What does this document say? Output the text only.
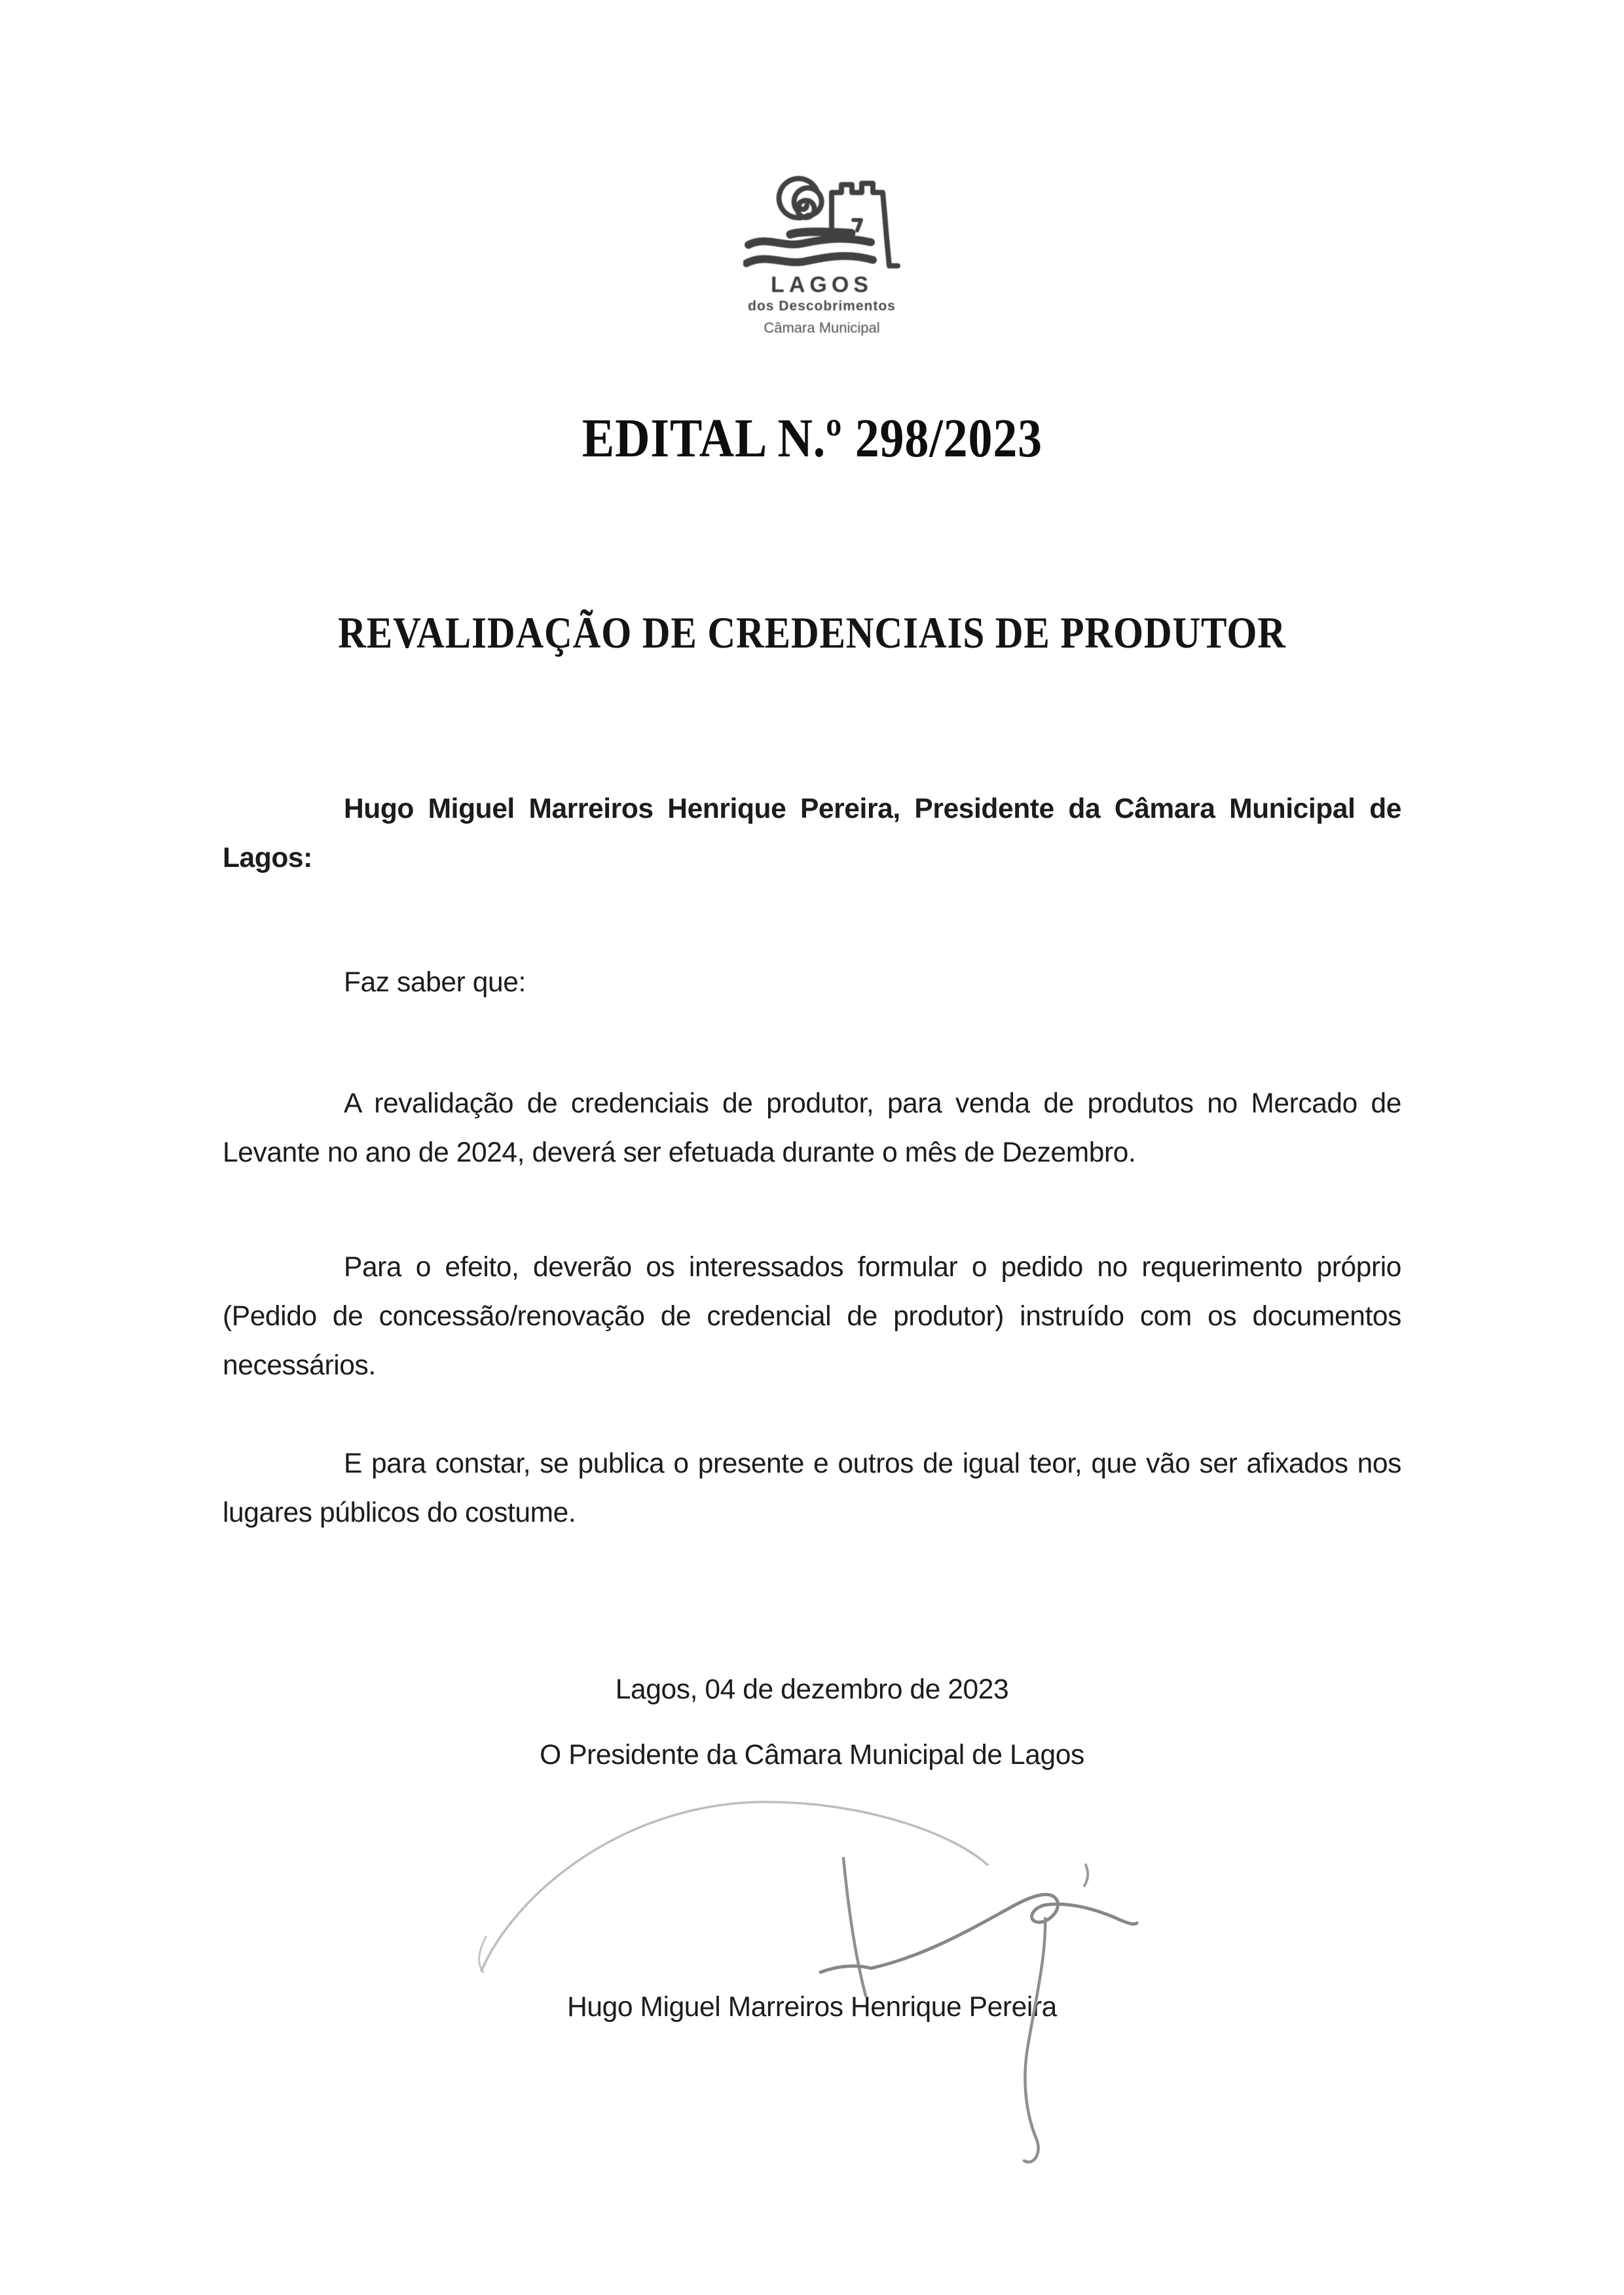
LAGOS
dos Descobrimentos
Câmara Municipal
EDITAL N.º 298/2023
REVALIDAÇÃO DE CREDENCIAIS DE PRODUTOR

Hugo Miguel Marreiros Henrique Pereira, Presidente da Câmara Municipal de
Lagos:

Faz saber que:

A revalidação de credenciais de produtor, para venda de produtos no Mercado de
Levante no ano de 2024, deverá ser efetuada durante o mês de Dezembro.

Para o efeito, deverão os interessados formular o pedido no requerimento próprio
(Pedido de concessão/renovação de credencial de produtor) instruído com os documentos
necessários.

E para constar, se publica o presente e outros de igual teor, que vão ser afixados nos
lugares públicos do costume.

Lagos, 04 de dezembro de 2023
O Presidente da Câmara Municipal de Lagos
Hugo Miguel Marreiros Henrique Pereira
